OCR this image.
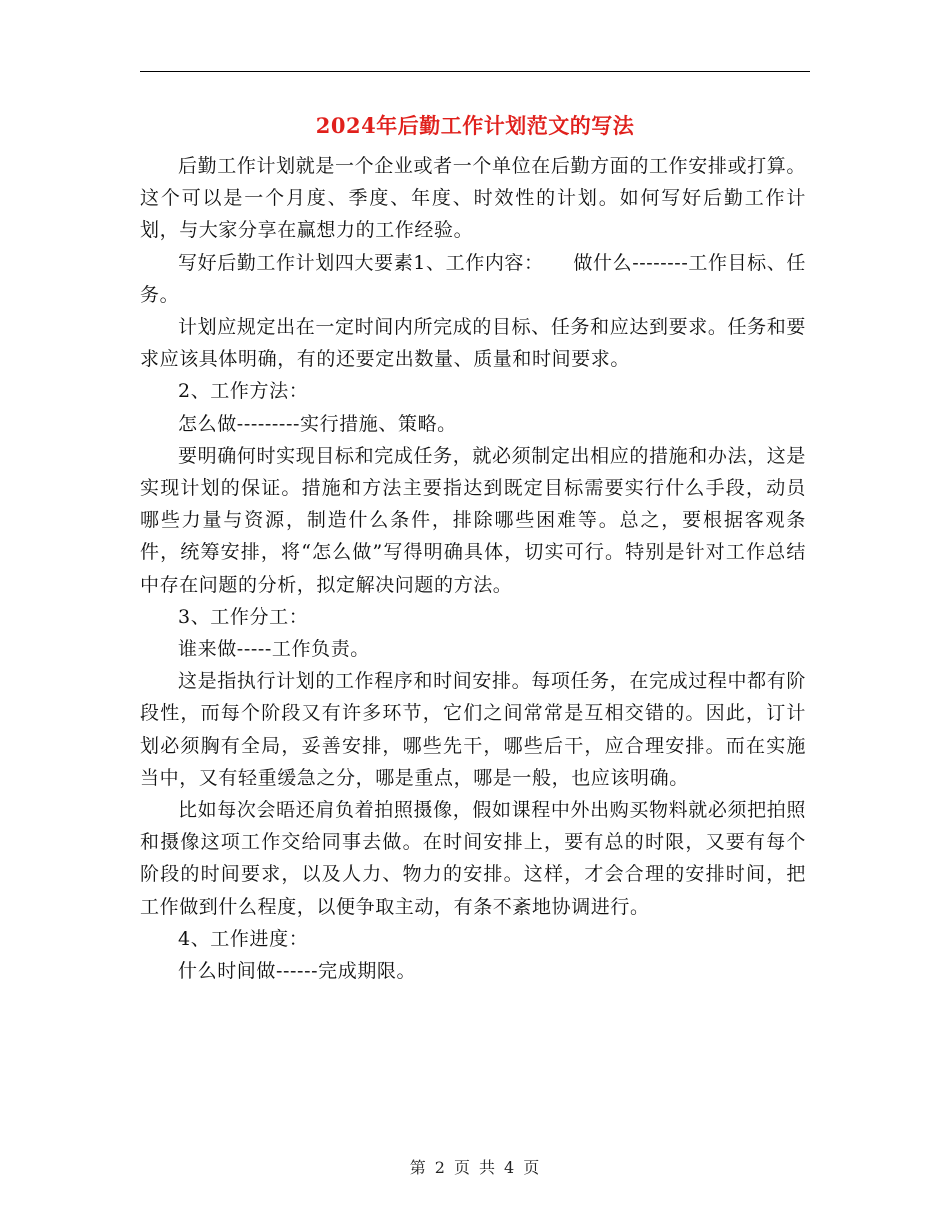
2024年后勤工作计划范文的写法

后勤工作计划就是一个企业或者一个单位在后勤方面的工作安排或打算。这个可以是一个月度、季度、年度、时效性的计划。如何写好后勤工作计划，与大家分享在赢想力的工作经验。

写好后勤工作计划四大要素1、工作内容：　　做什么--------工作目标、任务。

计划应规定出在一定时间内所完成的目标、任务和应达到要求。任务和要求应该具体明确，有的还要定出数量、质量和时间要求。

2、工作方法：

怎么做---------实行措施、策略。

要明确何时实现目标和完成任务，就必须制定出相应的措施和办法，这是实现计划的保证。措施和方法主要指达到既定目标需要实行什么手段，动员哪些力量与资源，制造什么条件，排除哪些困难等。总之，要根据客观条件，统筹安排，将“怎么做”写得明确具体，切实可行。特别是针对工作总结中存在问题的分析，拟定解决问题的方法。

3、工作分工：

谁来做-----工作负责。

这是指执行计划的工作程序和时间安排。每项任务，在完成过程中都有阶段性，而每个阶段又有许多环节，它们之间常常是互相交错的。因此，订计划必须胸有全局，妥善安排，哪些先干，哪些后干，应合理安排。而在实施当中，又有轻重缓急之分，哪是重点，哪是一般，也应该明确。

比如每次会晤还肩负着拍照摄像，假如课程中外出购买物料就必须把拍照和摄像这项工作交给同事去做。在时间安排上，要有总的时限，又要有每个阶段的时间要求，以及人力、物力的安排。这样，才会合理的安排时间，把工作做到什么程度，以便争取主动，有条不紊地协调进行。

4、工作进度：

什么时间做------完成期限。

第 2 页 共 4 页
